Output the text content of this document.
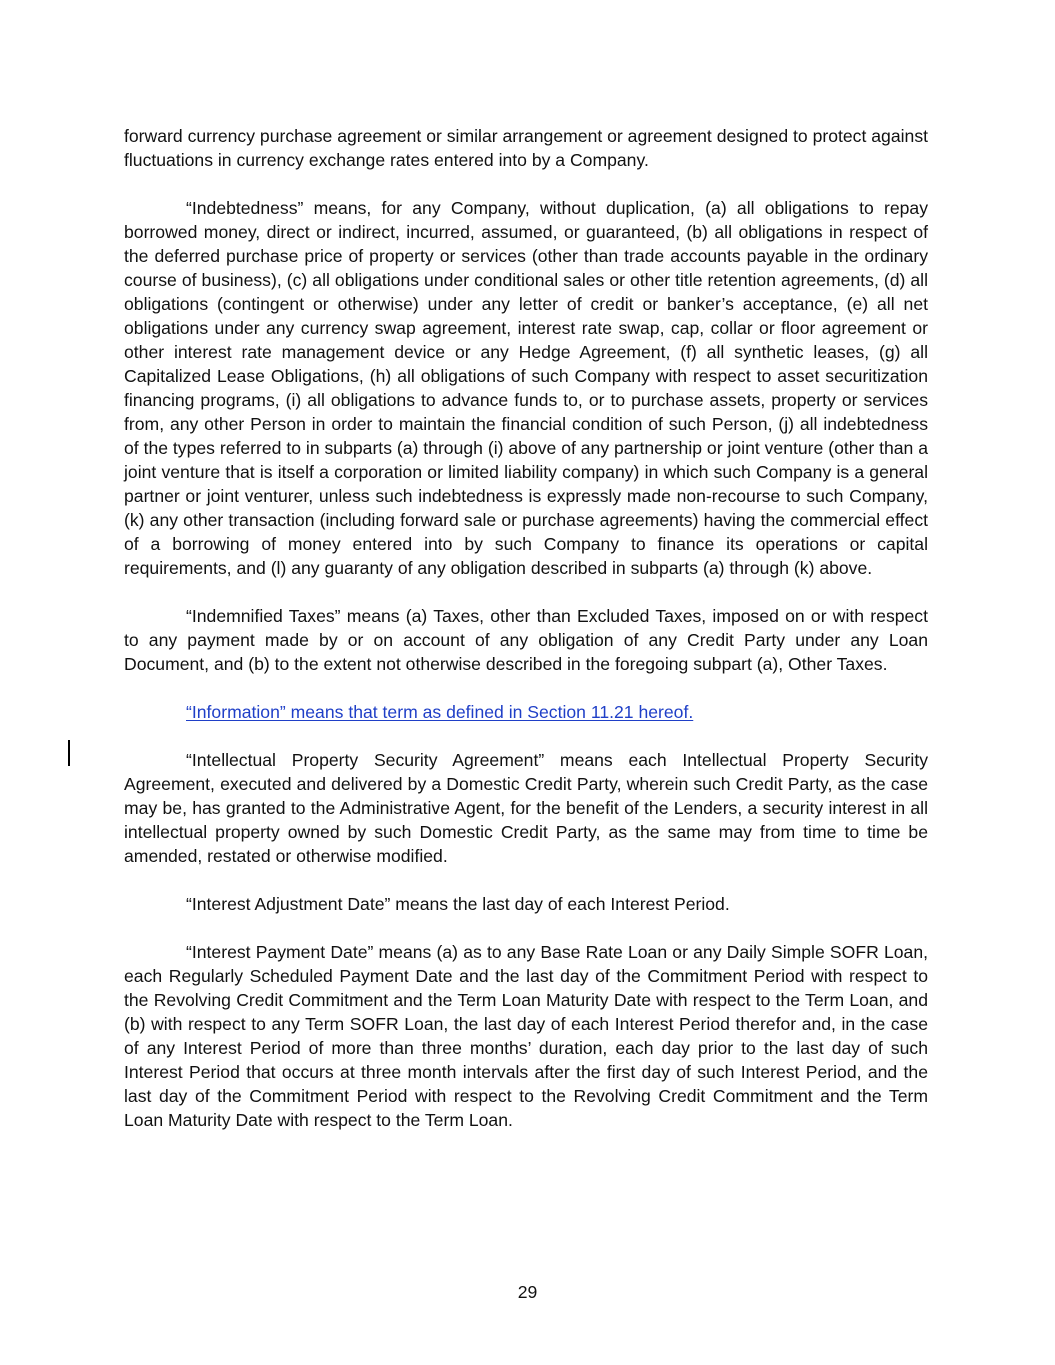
forward currency purchase agreement or similar arrangement or agreement designed to protect against fluctuations in currency exchange rates entered into by a Company.

“Indebtedness” means, for any Company, without duplication, (a) all obligations to repay borrowed money, direct or indirect, incurred, assumed, or guaranteed, (b) all obligations in respect of the deferred purchase price of property or services (other than trade accounts payable in the ordinary course of business), (c) all obligations under conditional sales or other title retention agreements, (d) all obligations (contingent or otherwise) under any letter of credit or banker’s acceptance, (e) all net obligations under any currency swap agreement, interest rate swap, cap, collar or floor agreement or other interest rate management device or any Hedge Agreement, (f) all synthetic leases, (g) all Capitalized Lease Obligations, (h) all obligations of such Company with respect to asset securitization financing programs, (i) all obligations to advance funds to, or to purchase assets, property or services from, any other Person in order to maintain the financial condition of such Person, (j) all indebtedness of the types referred to in subparts (a) through (i) above of any partnership or joint venture (other than a joint venture that is itself a corporation or limited liability company) in which such Company is a general partner or joint venturer, unless such indebtedness is expressly made non-recourse to such Company, (k) any other transaction (including forward sale or purchase agreements) having the commercial effect of a borrowing of money entered into by such Company to finance its operations or capital requirements, and (l) any guaranty of any obligation described in subparts (a) through (k) above.

“Indemnified Taxes” means (a) Taxes, other than Excluded Taxes, imposed on or with respect to any payment made by or on account of any obligation of any Credit Party under any Loan Document, and (b) to the extent not otherwise described in the foregoing subpart (a), Other Taxes.

“Information” means that term as defined in Section 11.21 hereof.

“Intellectual Property Security Agreement” means each Intellectual Property Security Agreement, executed and delivered by a Domestic Credit Party, wherein such Credit Party, as the case may be, has granted to the Administrative Agent, for the benefit of the Lenders, a security interest in all intellectual property owned by such Domestic Credit Party, as the same may from time to time be amended, restated or otherwise modified.

“Interest Adjustment Date” means the last day of each Interest Period.

“Interest Payment Date” means (a) as to any Base Rate Loan or any Daily Simple SOFR Loan, each Regularly Scheduled Payment Date and the last day of the Commitment Period with respect to the Revolving Credit Commitment and the Term Loan Maturity Date with respect to the Term Loan, and (b) with respect to any Term SOFR Loan, the last day of each Interest Period therefor and, in the case of any Interest Period of more than three months’ duration, each day prior to the last day of such Interest Period that occurs at three month intervals after the first day of such Interest Period, and the last day of the Commitment Period with respect to the Revolving Credit Commitment and the Term Loan Maturity Date with respect to the Term Loan.

29
